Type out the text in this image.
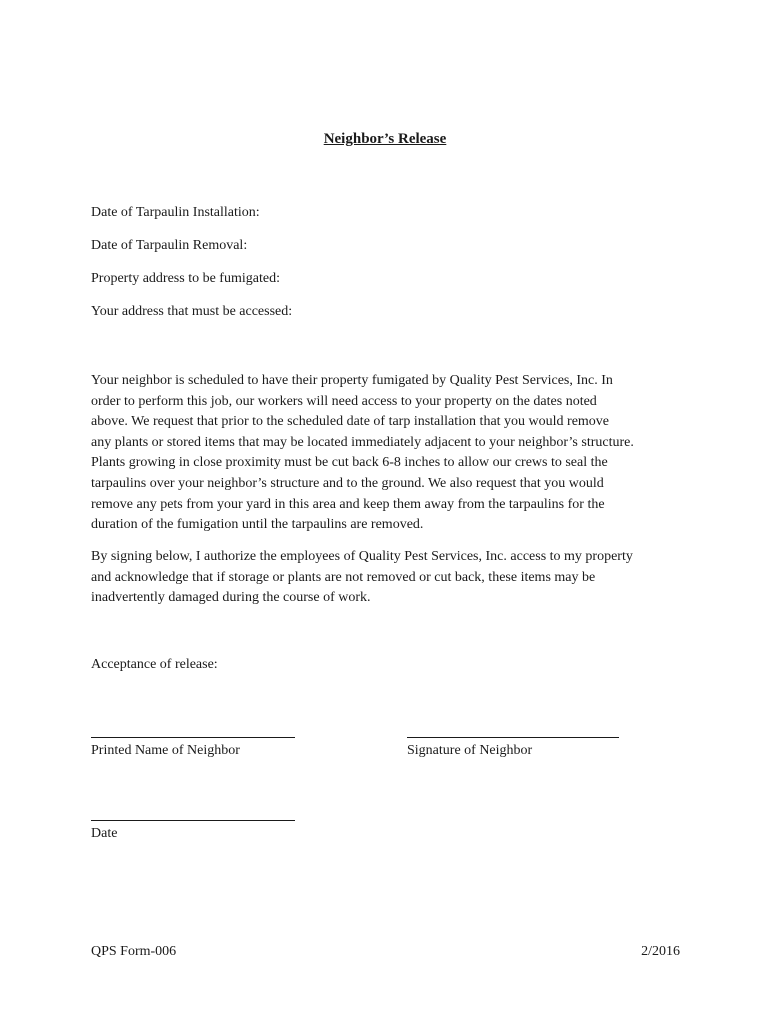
Neighbor’s Release
Date of Tarpaulin Installation:
Date of Tarpaulin Removal:
Property address to be fumigated:
Your address that must be accessed:
Your neighbor is scheduled to have their property fumigated by Quality Pest Services, Inc. In
order to perform this job, our workers will need access to your property on the dates noted
above. We request that prior to the scheduled date of tarp installation that you would remove
any plants or stored items that may be located immediately adjacent to your neighbor’s structure.
Plants growing in close proximity must be cut back 6-8 inches to allow our crews to seal the
tarpaulins over your neighbor’s structure and to the ground. We also request that you would
remove any pets from your yard in this area and keep them away from the tarpaulins for the
duration of the fumigation until the tarpaulins are removed.
By signing below, I authorize the employees of Quality Pest Services, Inc. access to my property
and acknowledge that if storage or plants are not removed or cut back, these items may be
inadvertently damaged during the course of work.
Acceptance of release:
Printed Name of Neighbor	Signature of Neighbor
Date
QPS Form-006	2/2016
